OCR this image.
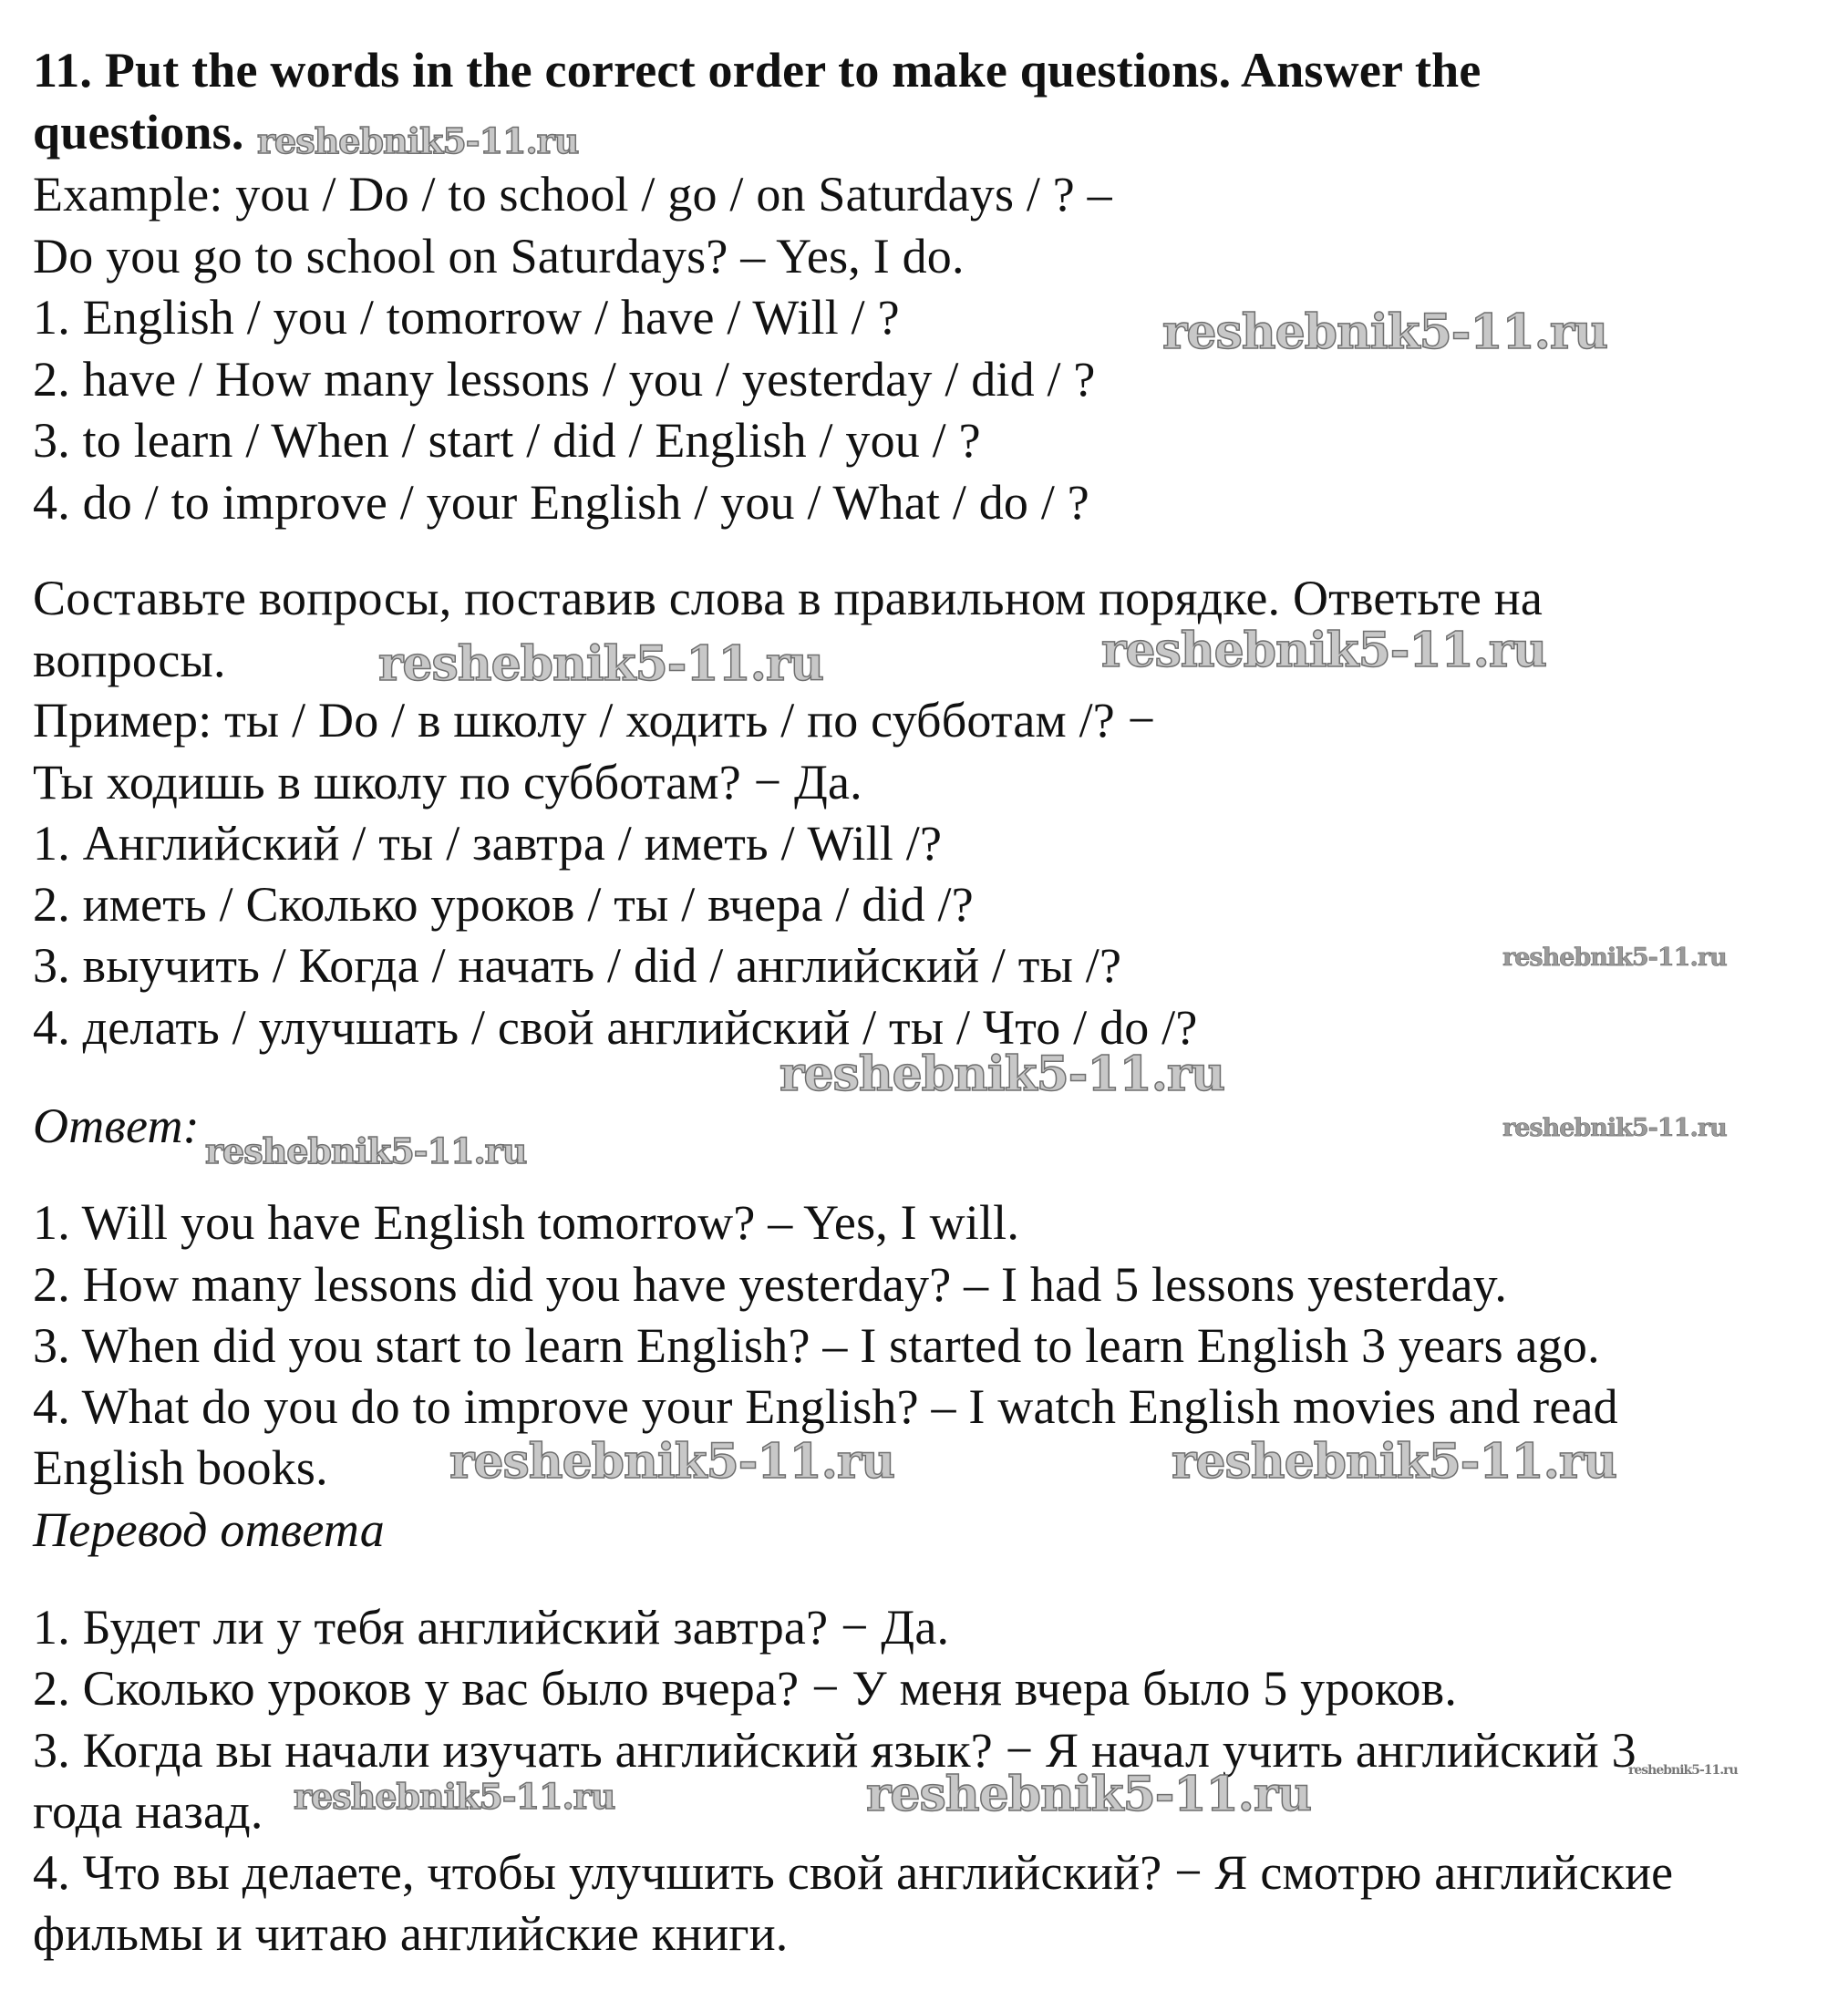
11. Put the words in the correct order to make questions. Answer the
questions.
Example: you / Do / to school / go / on Saturdays / ? –
Do you go to school on Saturdays? – Yes, I do.
1. English / you / tomorrow / have / Will / ?
2. have / How many lessons / you / yesterday / did / ?
3. to learn / When / start / did / English / you / ?
4. do / to improve / your English / you / What / do / ?
Составьте вопросы, поставив слова в правильном порядке. Ответьте на
вопросы.
Пример: ты / Do / в школу / ходить / по субботам /? −
Ты ходишь в школу по субботам? − Да.
1. Английский / ты / завтра / иметь / Will /?
2. иметь / Сколько уроков / ты / вчера / did /?
3. выучить / Когда / начать / did / английский / ты /?
4. делать / улучшать / свой английский / ты / Что / do /?
Ответ:
1. Will you have English tomorrow? – Yes, I will.
2. How many lessons did you have yesterday? – I had 5 lessons yesterday.
3. When did you start to learn English? – I started to learn English 3 years ago.
4. What do you do to improve your English? – I watch English movies and read
English books.
Перевод ответа
1. Будет ли у тебя английский завтра? − Да.
2. Сколько уроков у вас было вчера? − У меня вчера было 5 уроков.
3. Когда вы начали изучать английский язык? − Я начал учить английский 3
года назад.
4. Что вы делаете, чтобы улучшить свой английский? − Я смотрю английские
фильмы и читаю английские книги.
reshebnik5-11.ru
reshebnik5-11.ru
reshebnik5-11.ru	reshebnik5-11.ru
reshebnik5-11.ru
reshebnik5-11.ru
reshebnik5-11.ru
reshebnik5-11.ru
reshebnik5-11.ru	reshebnik5-11.ru
reshebnik5-11.ru
reshebnik5-11.ru	reshebnik5-11.ru
